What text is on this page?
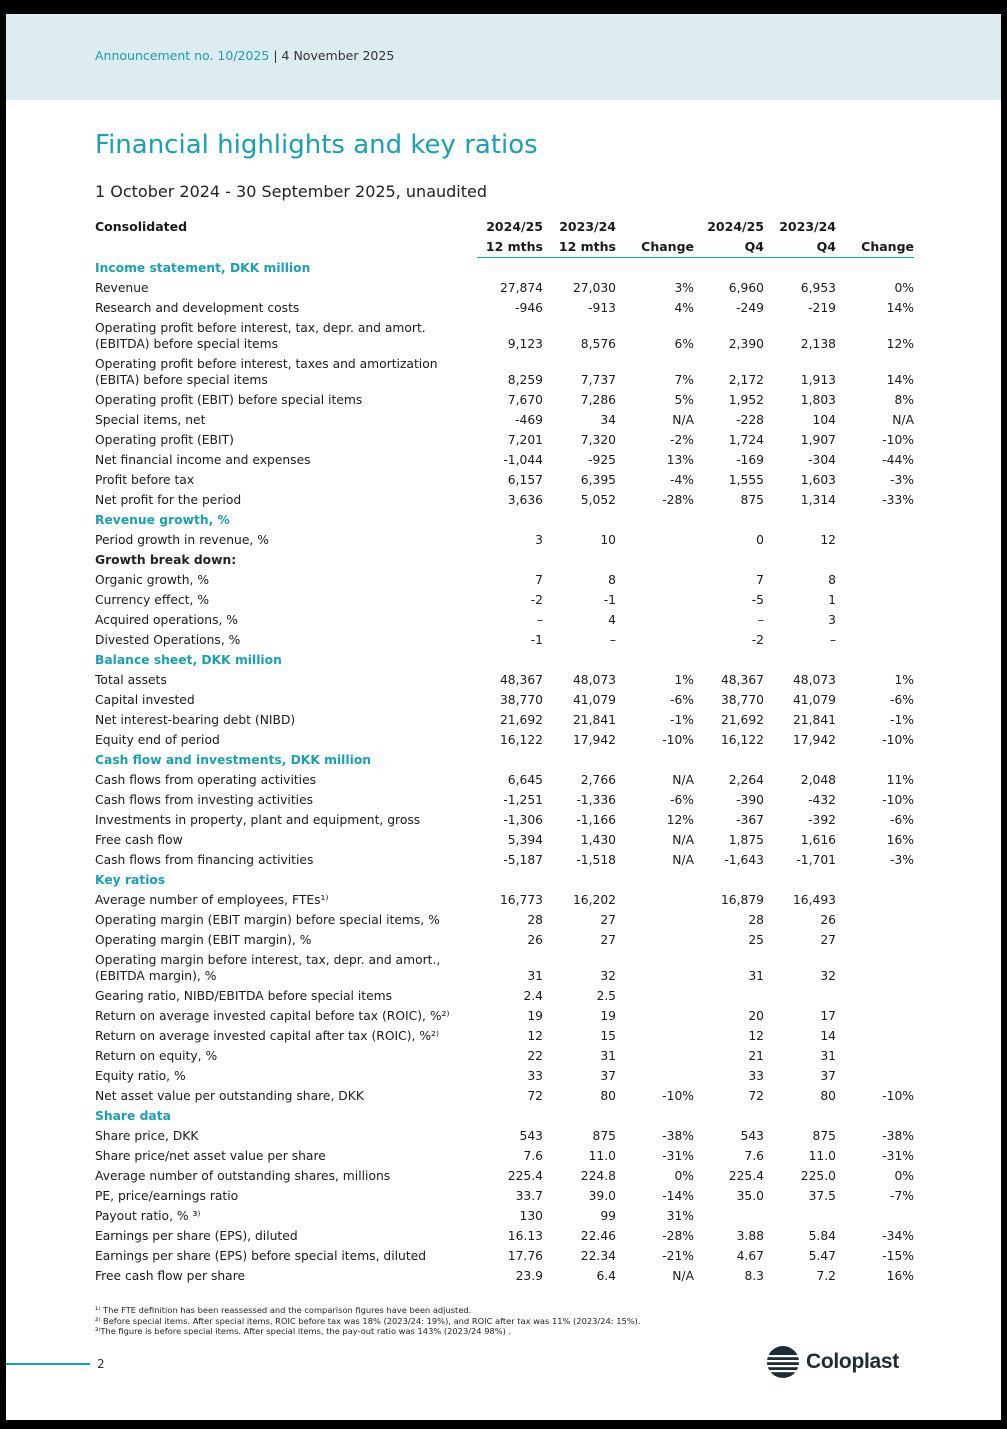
Announcement no. 10/2025 | 4 November 2025
Financial highlights and key ratios
1 October 2024 - 30 September 2025, unaudited
Consolidated	2024/25	2023/24		2024/25	2023/24	
	12 mths	12 mths	Change	Q4	Q4	Change
Income statement, DKK million						
Revenue	27,874	27,030	3%	6,960	6,953	0%
Research and development costs	-946	-913	4%	-249	-219	14%
Operating profit before interest, tax, depr. and amort. (EBITDA) before special items	9,123	8,576	6%	2,390	2,138	12%
Operating profit before interest, taxes and amortization (EBITA) before special items	8,259	7,737	7%	2,172	1,913	14%
Operating profit (EBIT) before special items	7,670	7,286	5%	1,952	1,803	8%
Special items, net	-469	34	N/A	-228	104	N/A
Operating profit (EBIT)	7,201	7,320	-2%	1,724	1,907	-10%
Net financial income and expenses	-1,044	-925	13%	-169	-304	-44%
Profit before tax	6,157	6,395	-4%	1,555	1,603	-3%
Net profit for the period	3,636	5,052	-28%	875	1,314	-33%
Revenue growth, %						
Period growth in revenue, %	3	10		0	12	
Growth break down:						
Organic growth, %	7	8		7	8	
Currency effect, %	-2	-1		-5	1	
Acquired operations, %	–	4		–	3	
Divested Operations, %	-1	–		-2	–	
Balance sheet, DKK million						
Total assets	48,367	48,073	1%	48,367	48,073	1%
Capital invested	38,770	41,079	-6%	38,770	41,079	-6%
Net interest-bearing debt (NIBD)	21,692	21,841	-1%	21,692	21,841	-1%
Equity end of period	16,122	17,942	-10%	16,122	17,942	-10%
Cash flow and investments, DKK million						
Cash flows from operating activities	6,645	2,766	N/A	2,264	2,048	11%
Cash flows from investing activities	-1,251	-1,336	-6%	-390	-432	-10%
Investments in property, plant and equipment, gross	-1,306	-1,166	12%	-367	-392	-6%
Free cash flow	5,394	1,430	N/A	1,875	1,616	16%
Cash flows from financing activities	-5,187	-1,518	N/A	-1,643	-1,701	-3%
Key ratios						
Average number of employees, FTEs¹⁾	16,773	16,202		16,879	16,493	
Operating margin (EBIT margin) before special items, %	28	27		28	26	
Operating margin (EBIT margin), %	26	27		25	27	
Operating margin before interest, tax, depr. and amort., (EBITDA margin), %	31	32		31	32	
Gearing ratio, NIBD/EBITDA before special items	2.4	2.5				
Return on average invested capital before tax (ROIC), %²⁾	19	19		20	17	
Return on average invested capital after tax (ROIC), %²⁾	12	15		12	14	
Return on equity, %	22	31		21	31	
Equity ratio, %	33	37		33	37	
Net asset value per outstanding share, DKK	72	80	-10%	72	80	-10%
Share data						
Share price, DKK	543	875	-38%	543	875	-38%
Share price/net asset value per share	7.6	11.0	-31%	7.6	11.0	-31%
Average number of outstanding shares, millions	225.4	224.8	0%	225.4	225.0	0%
PE, price/earnings ratio	33.7	39.0	-14%	35.0	37.5	-7%
Payout ratio, % ³⁾	130	99	31%			
Earnings per share (EPS), diluted	16.13	22.46	-28%	3.88	5.84	-34%
Earnings per share (EPS) before special items, diluted	17.76	22.34	-21%	4.67	5.47	-15%
Free cash flow per share	23.9	6.4	N/A	8.3	7.2	16%
¹⁾ The FTE definition has been reassessed and the comparison figures have been adjusted.
²⁾ Before special items. After special items, ROIC before tax was 18% (2023/24: 19%), and ROIC after tax was 11% (2023/24: 15%).
³⁾The figure is before special items. After special items, the pay-out ratio was 143% (2023/24 98%) .
2	Coloplast
